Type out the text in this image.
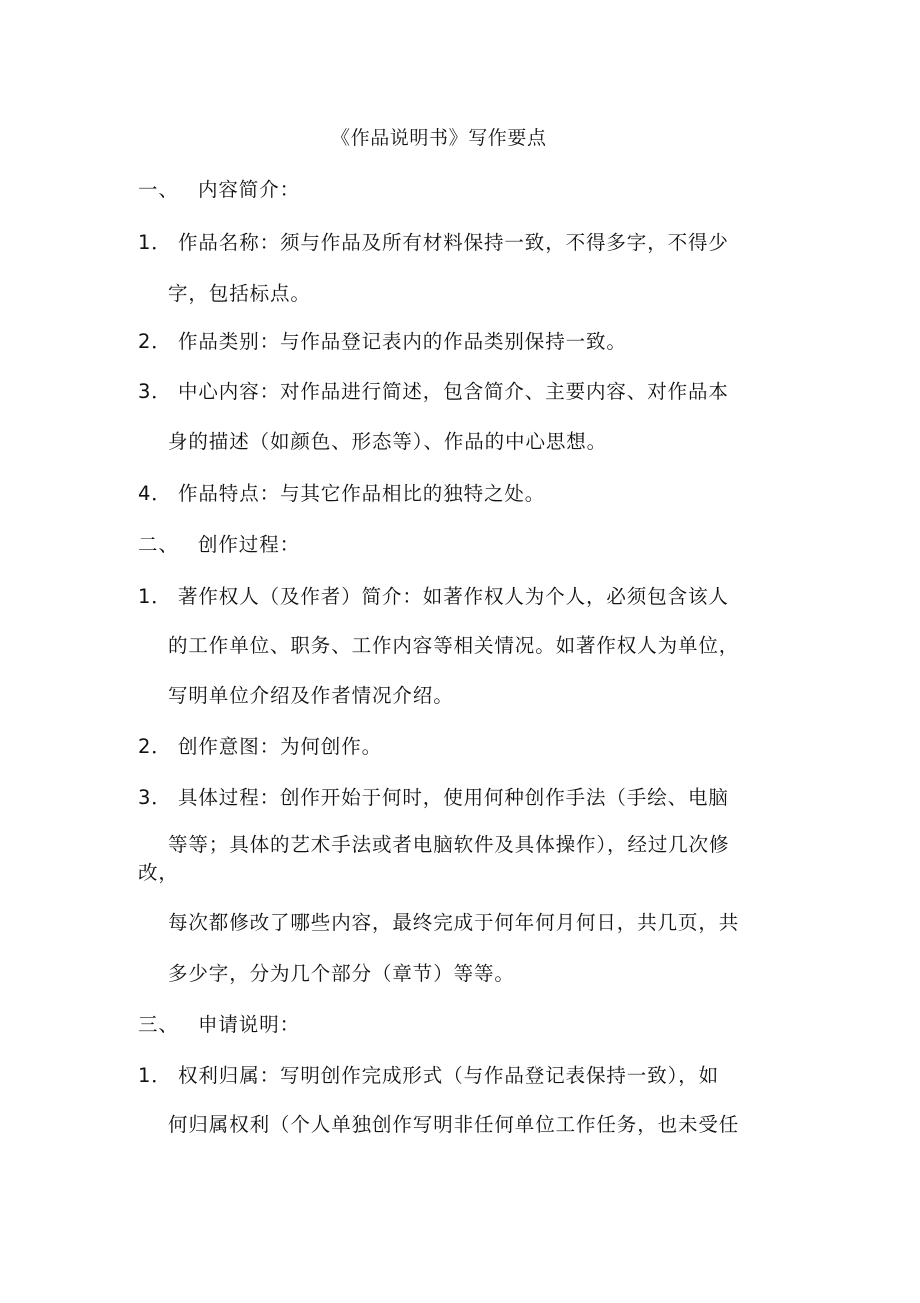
《作品说明书》写作要点
一、 内容简介：
1． 作品名称：须与作品及所有材料保持一致，不得多字，不得少
字，包括标点。
2． 作品类别：与作品登记表内的作品类别保持一致。
3． 中心内容：对作品进行简述，包含简介、主要内容、对作品本
身的描述（如颜色、形态等）、作品的中心思想。
4． 作品特点：与其它作品相比的独特之处。
二、 创作过程：
1． 著作权人（及作者）简介：如著作权人为个人，必须包含该人
的工作单位、职务、工作内容等相关情况。如著作权人为单位，
写明单位介绍及作者情况介绍。
2． 创作意图：为何创作。
3． 具体过程：创作开始于何时，使用何种创作手法（手绘、电脑
等等；具体的艺术手法或者电脑软件及具体操作），经过几次修
改，
每次都修改了哪些内容，最终完成于何年何月何日，共几页，共
多少字，分为几个部分（章节）等等。
三、 申请说明：
1． 权利归属：写明创作完成形式（与作品登记表保持一致），如
何归属权利（个人单独创作写明非任何单位工作任务，也未受任
